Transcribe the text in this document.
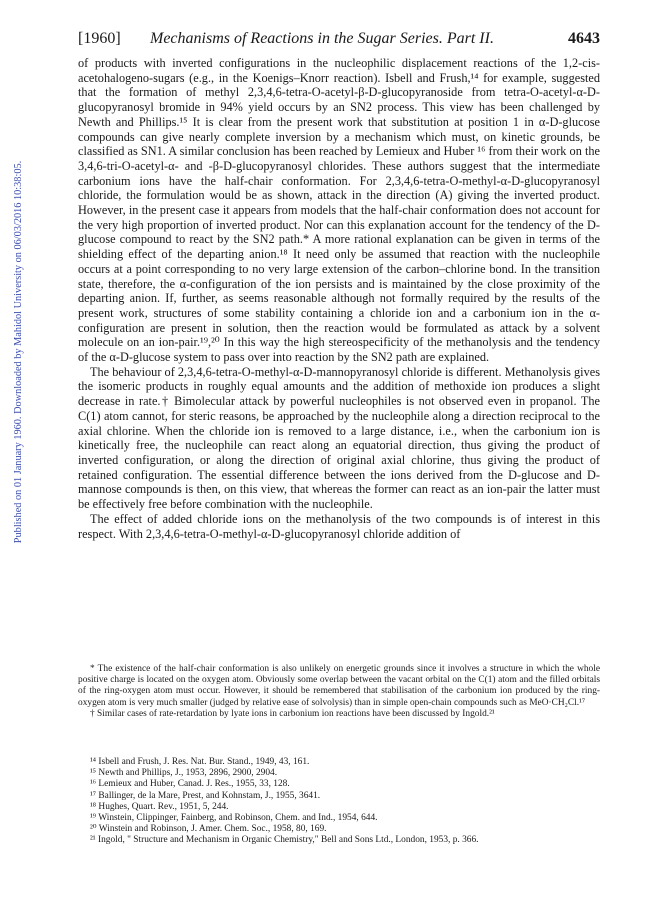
Published on 01 January 1960. Downloaded by Mahidol University on 06/03/2016 10:38:05.
[1960] Mechanisms of Reactions in the Sugar Series. Part II.	4643

of products with inverted configurations in the nucleophilic displacement reactions of the 1,2-cis-acetohalogeno-sugars (e.g., in the Koenigs–Knorr reaction). Isbell and Frush,¹⁴ for example, suggested that the formation of methyl 2,3,4,6-tetra-O-acetyl-β-D-glucopyranoside from tetra-O-acetyl-α-D-glucopyranosyl bromide in 94% yield occurs by an SN2 process. This view has been challenged by Newth and Phillips.¹⁵ It is clear from the present work that substitution at position 1 in α-D-glucose compounds can give nearly complete inversion by a mechanism which must, on kinetic grounds, be classified as SN1. A similar conclusion has been reached by Lemieux and Huber ¹⁶ from their work on the 3,4,6-tri-O-acetyl-α- and -β-D-glucopyranosyl chlorides. These authors suggest that the intermediate carbonium ions have the half-chair conformation. For 2,3,4,6-tetra-O-methyl-α-D-glucopyranosyl chloride, the formulation would be as shown, attack in the direction (A) giving the inverted product. However, in the present case it appears from models that the half-chair conformation does not account for the very high proportion of inverted product. Nor can this explanation account for the tendency of the D-glucose compound to react by the SN2 path.* A more rational explanation can be given in terms of the shielding effect of the departing anion.¹⁸ It need only be assumed that reaction with the nucleophile occurs at a point corresponding to no very large extension of the carbon–chlorine bond. In the transition state, therefore, the α-configuration of the ion persists and is maintained by the close proximity of the departing anion. If, further, as seems reasonable although not formally required by the results of the present work, structures of some stability containing a chloride ion and a carbonium ion in the α-configuration are present in solution, then the reaction would be formulated as attack by a solvent molecule on an ion-pair.¹⁹,²⁰ In this way the high stereospecificity of the methanolysis and the tendency of the α-D-glucose system to pass over into reaction by the SN2 path are explained.

The behaviour of 2,3,4,6-tetra-O-methyl-α-D-mannopyranosyl chloride is different. Methanolysis gives the isomeric products in roughly equal amounts and the addition of methoxide ion produces a slight decrease in rate.† Bimolecular attack by powerful nucleophiles is not observed even in propanol. The C(1) atom cannot, for steric reasons, be approached by the nucleophile along a direction reciprocal to the axial chlorine. When the chloride ion is removed to a large distance, i.e., when the carbonium ion is kinetically free, the nucleophile can react along an equatorial direction, thus giving the product of inverted configuration, or along the direction of original axial chlorine, thus giving the product of retained configuration. The essential difference between the ions derived from the D-glucose and D-mannose compounds is then, on this view, that whereas the former can react as an ion-pair the latter must be effectively free before combination with the nucleophile.

The effect of added chloride ions on the methanolysis of the two compounds is of interest in this respect. With 2,3,4,6-tetra-O-methyl-α-D-glucopyranosyl chloride addition of

* The existence of the half-chair conformation is also unlikely on energetic grounds since it involves a structure in which the whole positive charge is located on the oxygen atom. Obviously some overlap between the vacant orbital on the C(1) atom and the filled orbitals of the ring-oxygen atom must occur. However, it should be remembered that stabilisation of the carbonium ion produced by the ring-oxygen atom is very much smaller (judged by relative ease of solvolysis) than in simple open-chain compounds such as MeO·CH₂Cl.¹⁷

† Similar cases of rate-retardation by lyate ions in carbonium ion reactions have been discussed by Ingold.²¹

¹⁴ Isbell and Frush, J. Res. Nat. Bur. Stand., 1949, 43, 161.

¹⁵ Newth and Phillips, J., 1953, 2896, 2900, 2904.

¹⁶ Lemieux and Huber, Canad. J. Res., 1955, 33, 128.

¹⁷ Ballinger, de la Mare, Prest, and Kohnstam, J., 1955, 3641.

¹⁸ Hughes, Quart. Rev., 1951, 5, 244.

¹⁹ Winstein, Clippinger, Fainberg, and Robinson, Chem. and Ind., 1954, 644.

²⁰ Winstein and Robinson, J. Amer. Chem. Soc., 1958, 80, 169.

²¹ Ingold, " Structure and Mechanism in Organic Chemistry," Bell and Sons Ltd., London, 1953, p. 366.
